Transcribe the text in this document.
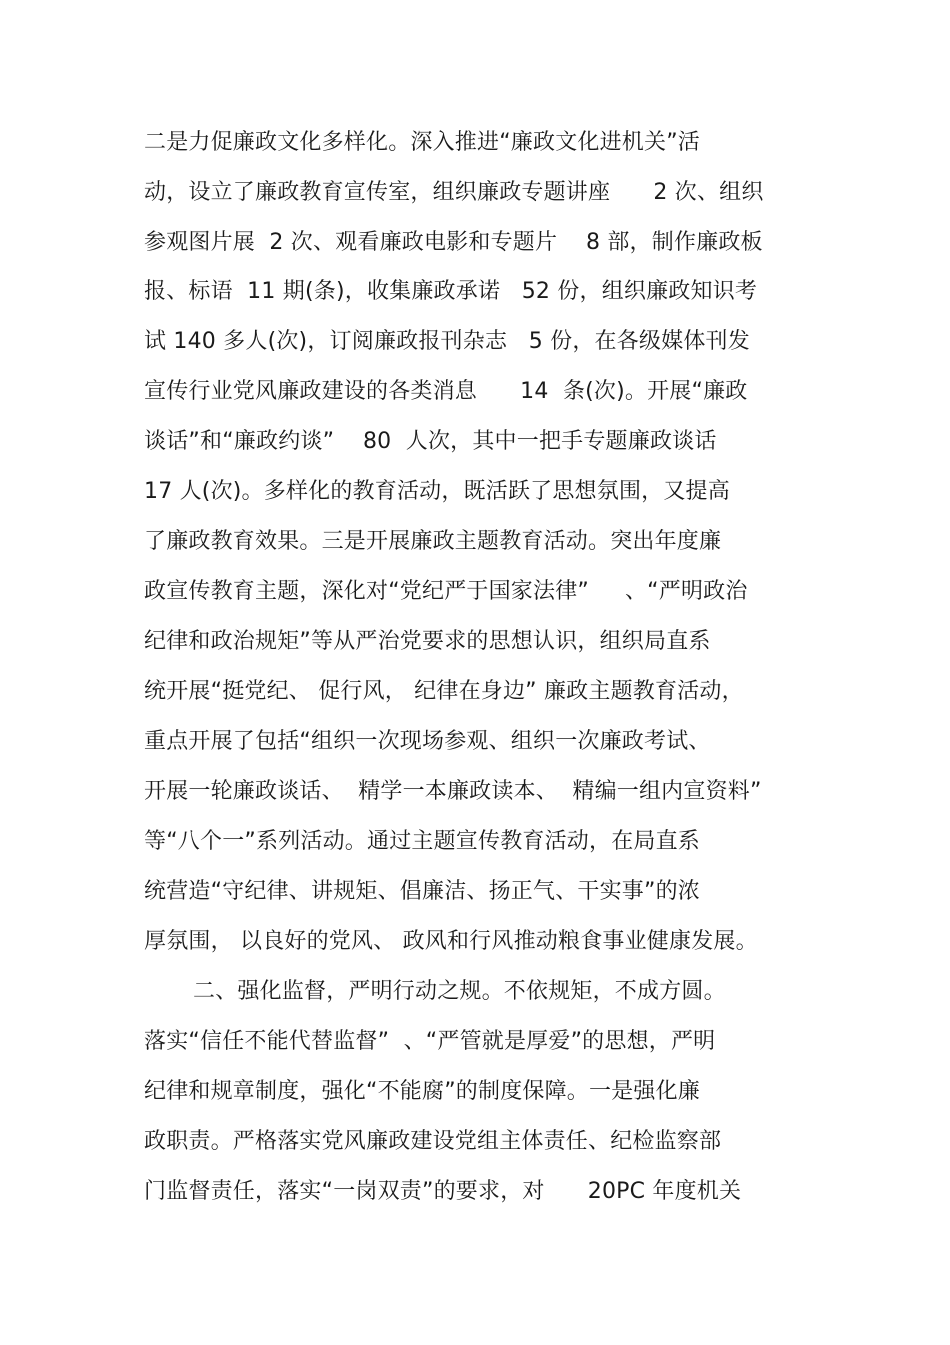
二是力促廉政文化多样化。深入推进“廉政文化进机关”活
动，设立了廉政教育宣传室，组织廉政专题讲座      2 次、组织
参观图片展  2 次、观看廉政电影和专题片    8 部，制作廉政板
报、标语  11 期(条)，收集廉政承诺   52 份，组织廉政知识考
试 140 多人(次)，订阅廉政报刊杂志   5 份，在各级媒体刊发
宣传行业党风廉政建设的各类消息      14  条(次)。开展“廉政
谈话”和“廉政约谈”    80  人次，其中一把手专题廉政谈话
17 人(次)。多样化的教育活动，既活跃了思想氛围，又提高
了廉政教育效果。三是开展廉政主题教育活动。突出年度廉
政宣传教育主题，深化对“党纪严于国家法律”     、“严明政治
纪律和政治规矩”等从严治党要求的思想认识，组织局直系
统开展“挺党纪、 促行风， 纪律在身边” 廉政主题教育活动，
重点开展了包括“组织一次现场参观、组织一次廉政考试、
开展一轮廉政谈话、  精学一本廉政读本、  精编一组内宣资料”
等“八个一”系列活动。通过主题宣传教育活动，在局直系
统营造“守纪律、讲规矩、倡廉洁、扬正气、干实事”的浓
厚氛围， 以良好的党风、 政风和行风推动粮食事业健康发展。
二、强化监督，严明行动之规。不依规矩，不成方圆。
落实“信任不能代替监督”  、“严管就是厚爱”的思想，严明
纪律和规章制度，强化“不能腐”的制度保障。一是强化廉
政职责。严格落实党风廉政建设党组主体责任、纪检监察部
门监督责任，落实“一岗双责”的要求，对      20PC 年度机关
